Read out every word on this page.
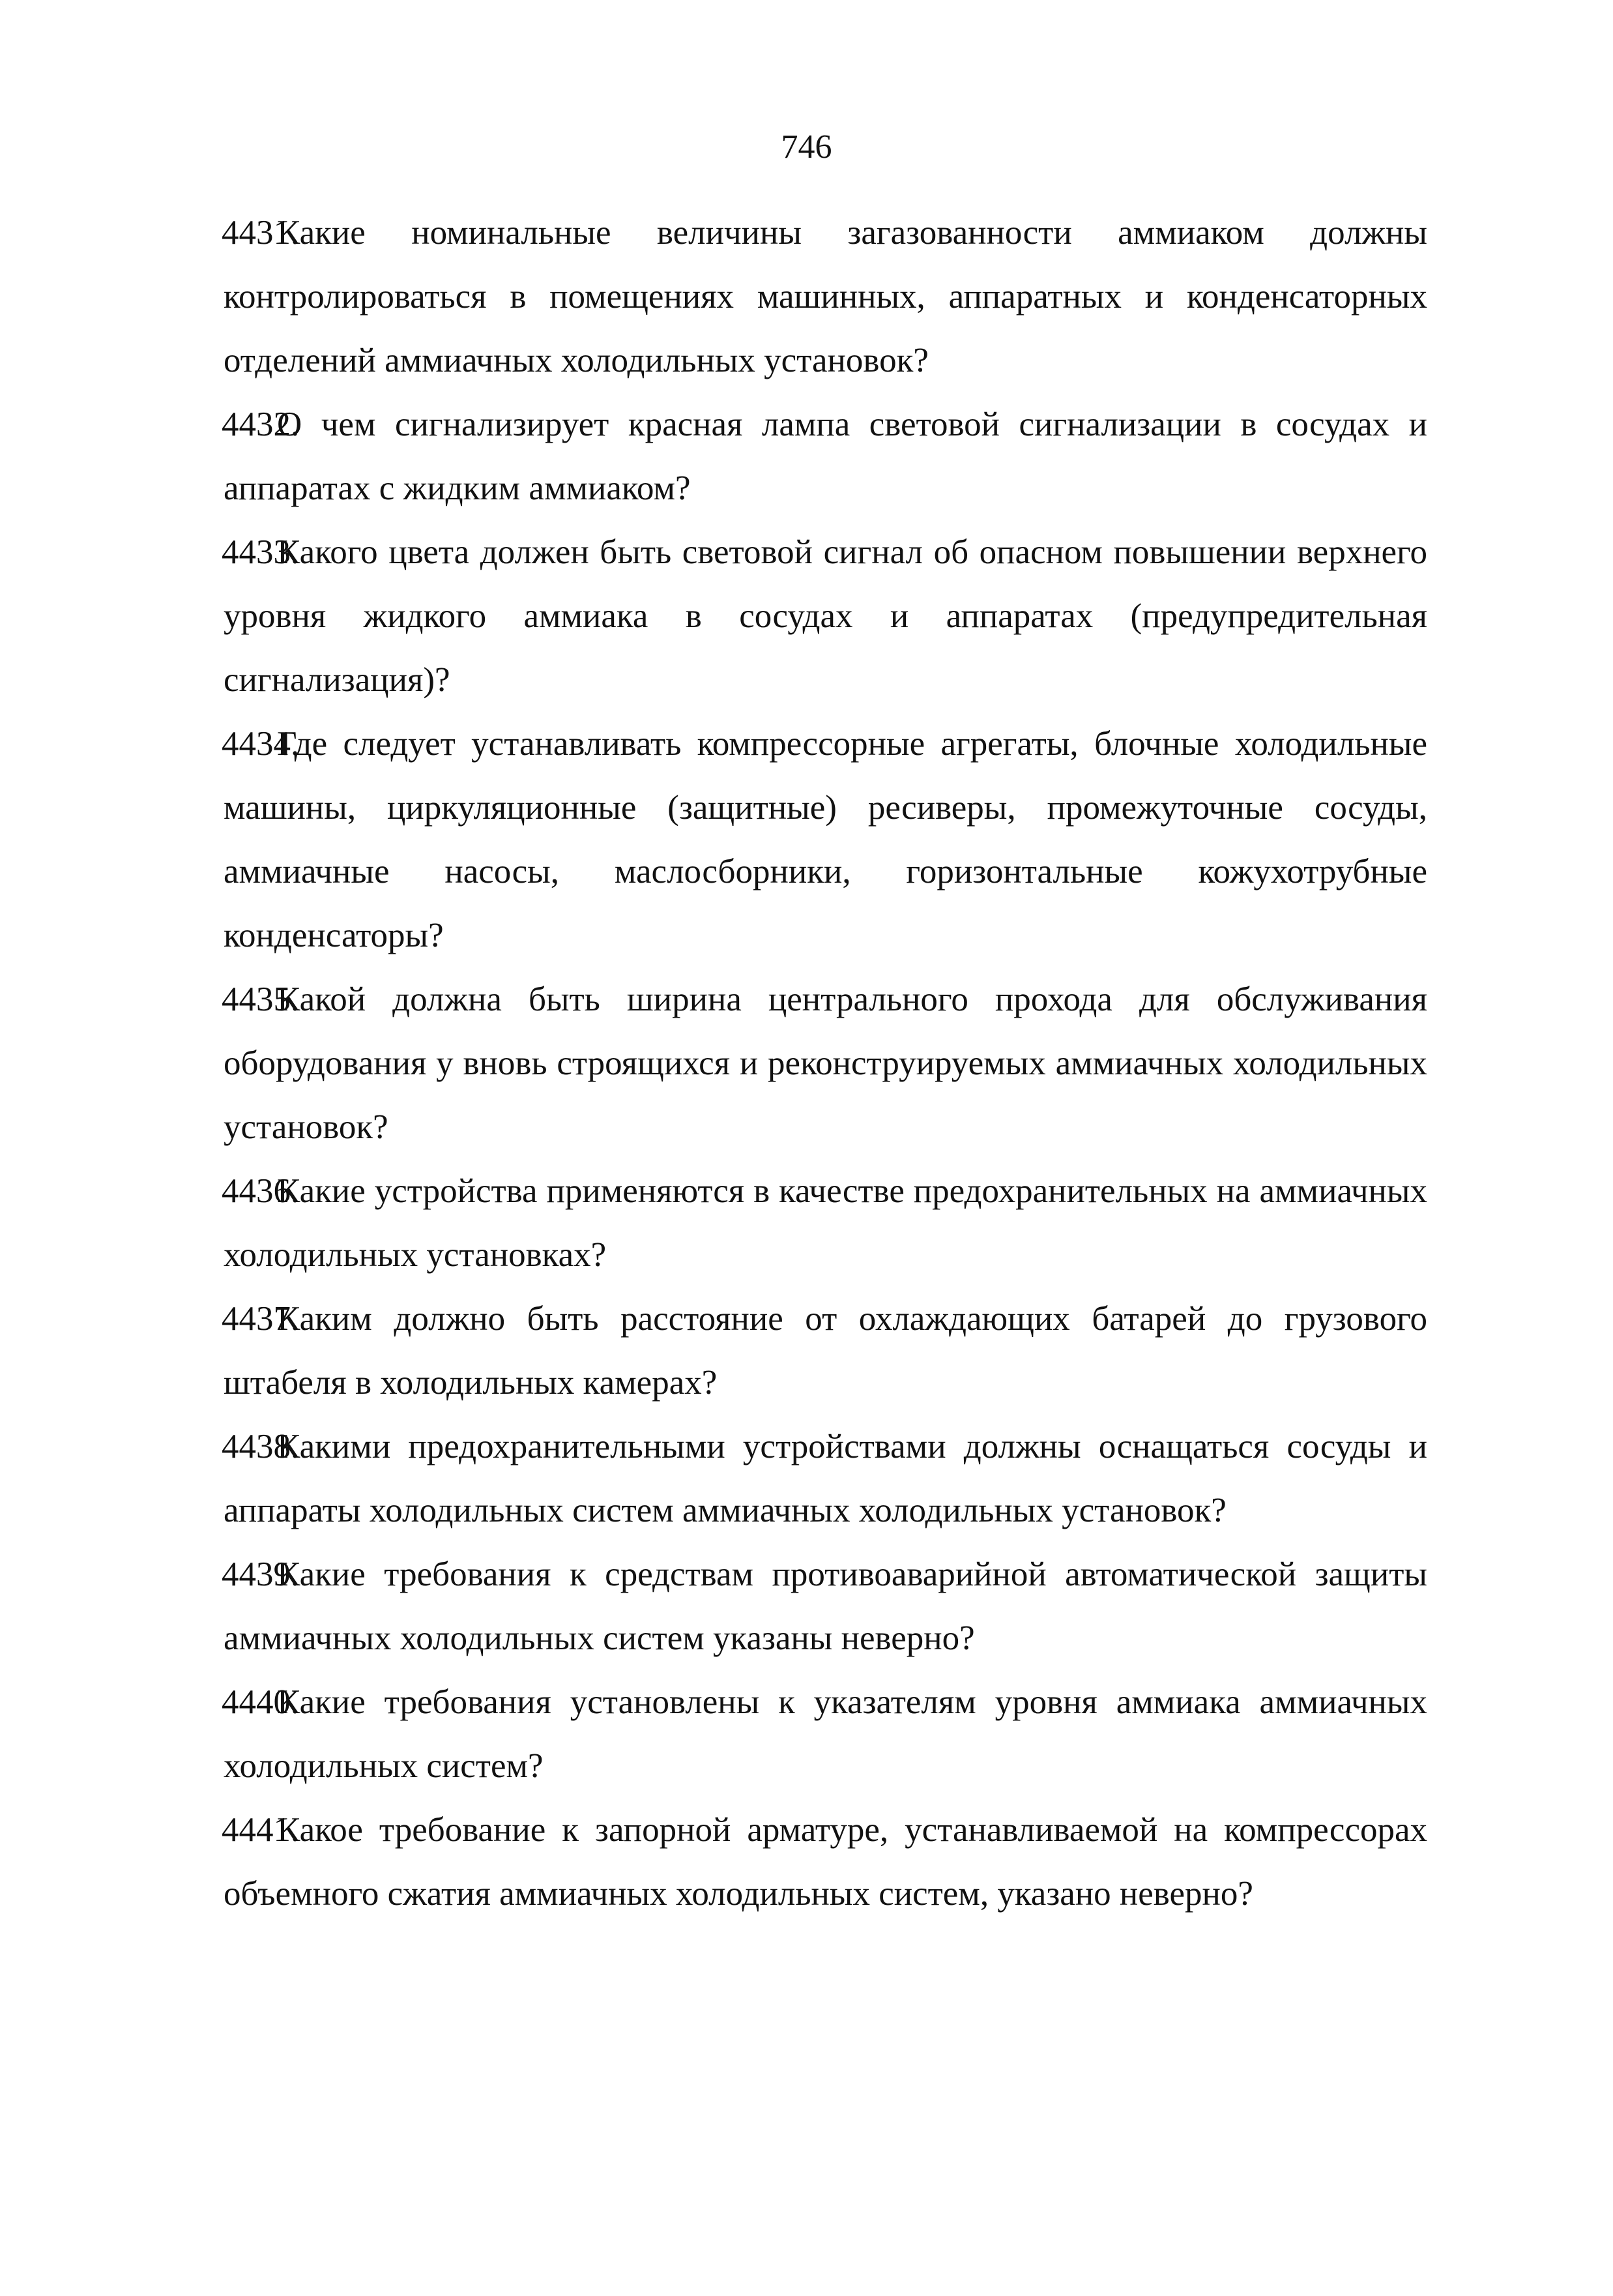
746
4431.
Какие номинальные величины загазованности аммиаком должны контролироваться в помещениях машинных, аппаратных и конденсаторных отделений аммиачных холодильных установок?
4432.
О чем сигнализирует красная лампа световой сигнализации в сосудах и аппаратах с жидким аммиаком?
4433.
Какого цвета должен быть световой сигнал об опасном повышении верхнего уровня жидкого аммиака в сосудах и аппаратах (предупредительная сигнализация)?
4434.
Где следует устанавливать компрессорные агрегаты, блочные холодильные машины, циркуляционные (защитные) ресиверы, промежуточные сосуды, аммиачные насосы, маслосборники, горизонтальные кожухотрубные конденсаторы?
4435.
Какой должна быть ширина центрального прохода для обслуживания оборудования у вновь строящихся и реконструируемых аммиачных холодильных установок?
4436.
Какие устройства применяются в качестве предохранительных на аммиачных холодильных установках?
4437.
Каким должно быть расстояние от охлаждающих батарей до грузового штабеля в холодильных камерах?
4438.
Какими предохранительными устройствами должны оснащаться сосуды и аппараты холодильных систем аммиачных холодильных установок?
4439.
Какие требования к средствам противоаварийной автоматической защиты аммиачных холодильных систем указаны неверно?
4440.
Какие требования установлены к указателям уровня аммиака аммиачных холодильных систем?
4441.
Какое требование к запорной арматуре, устанавливаемой на компрессорах объемного сжатия аммиачных холодильных систем, указано неверно?
